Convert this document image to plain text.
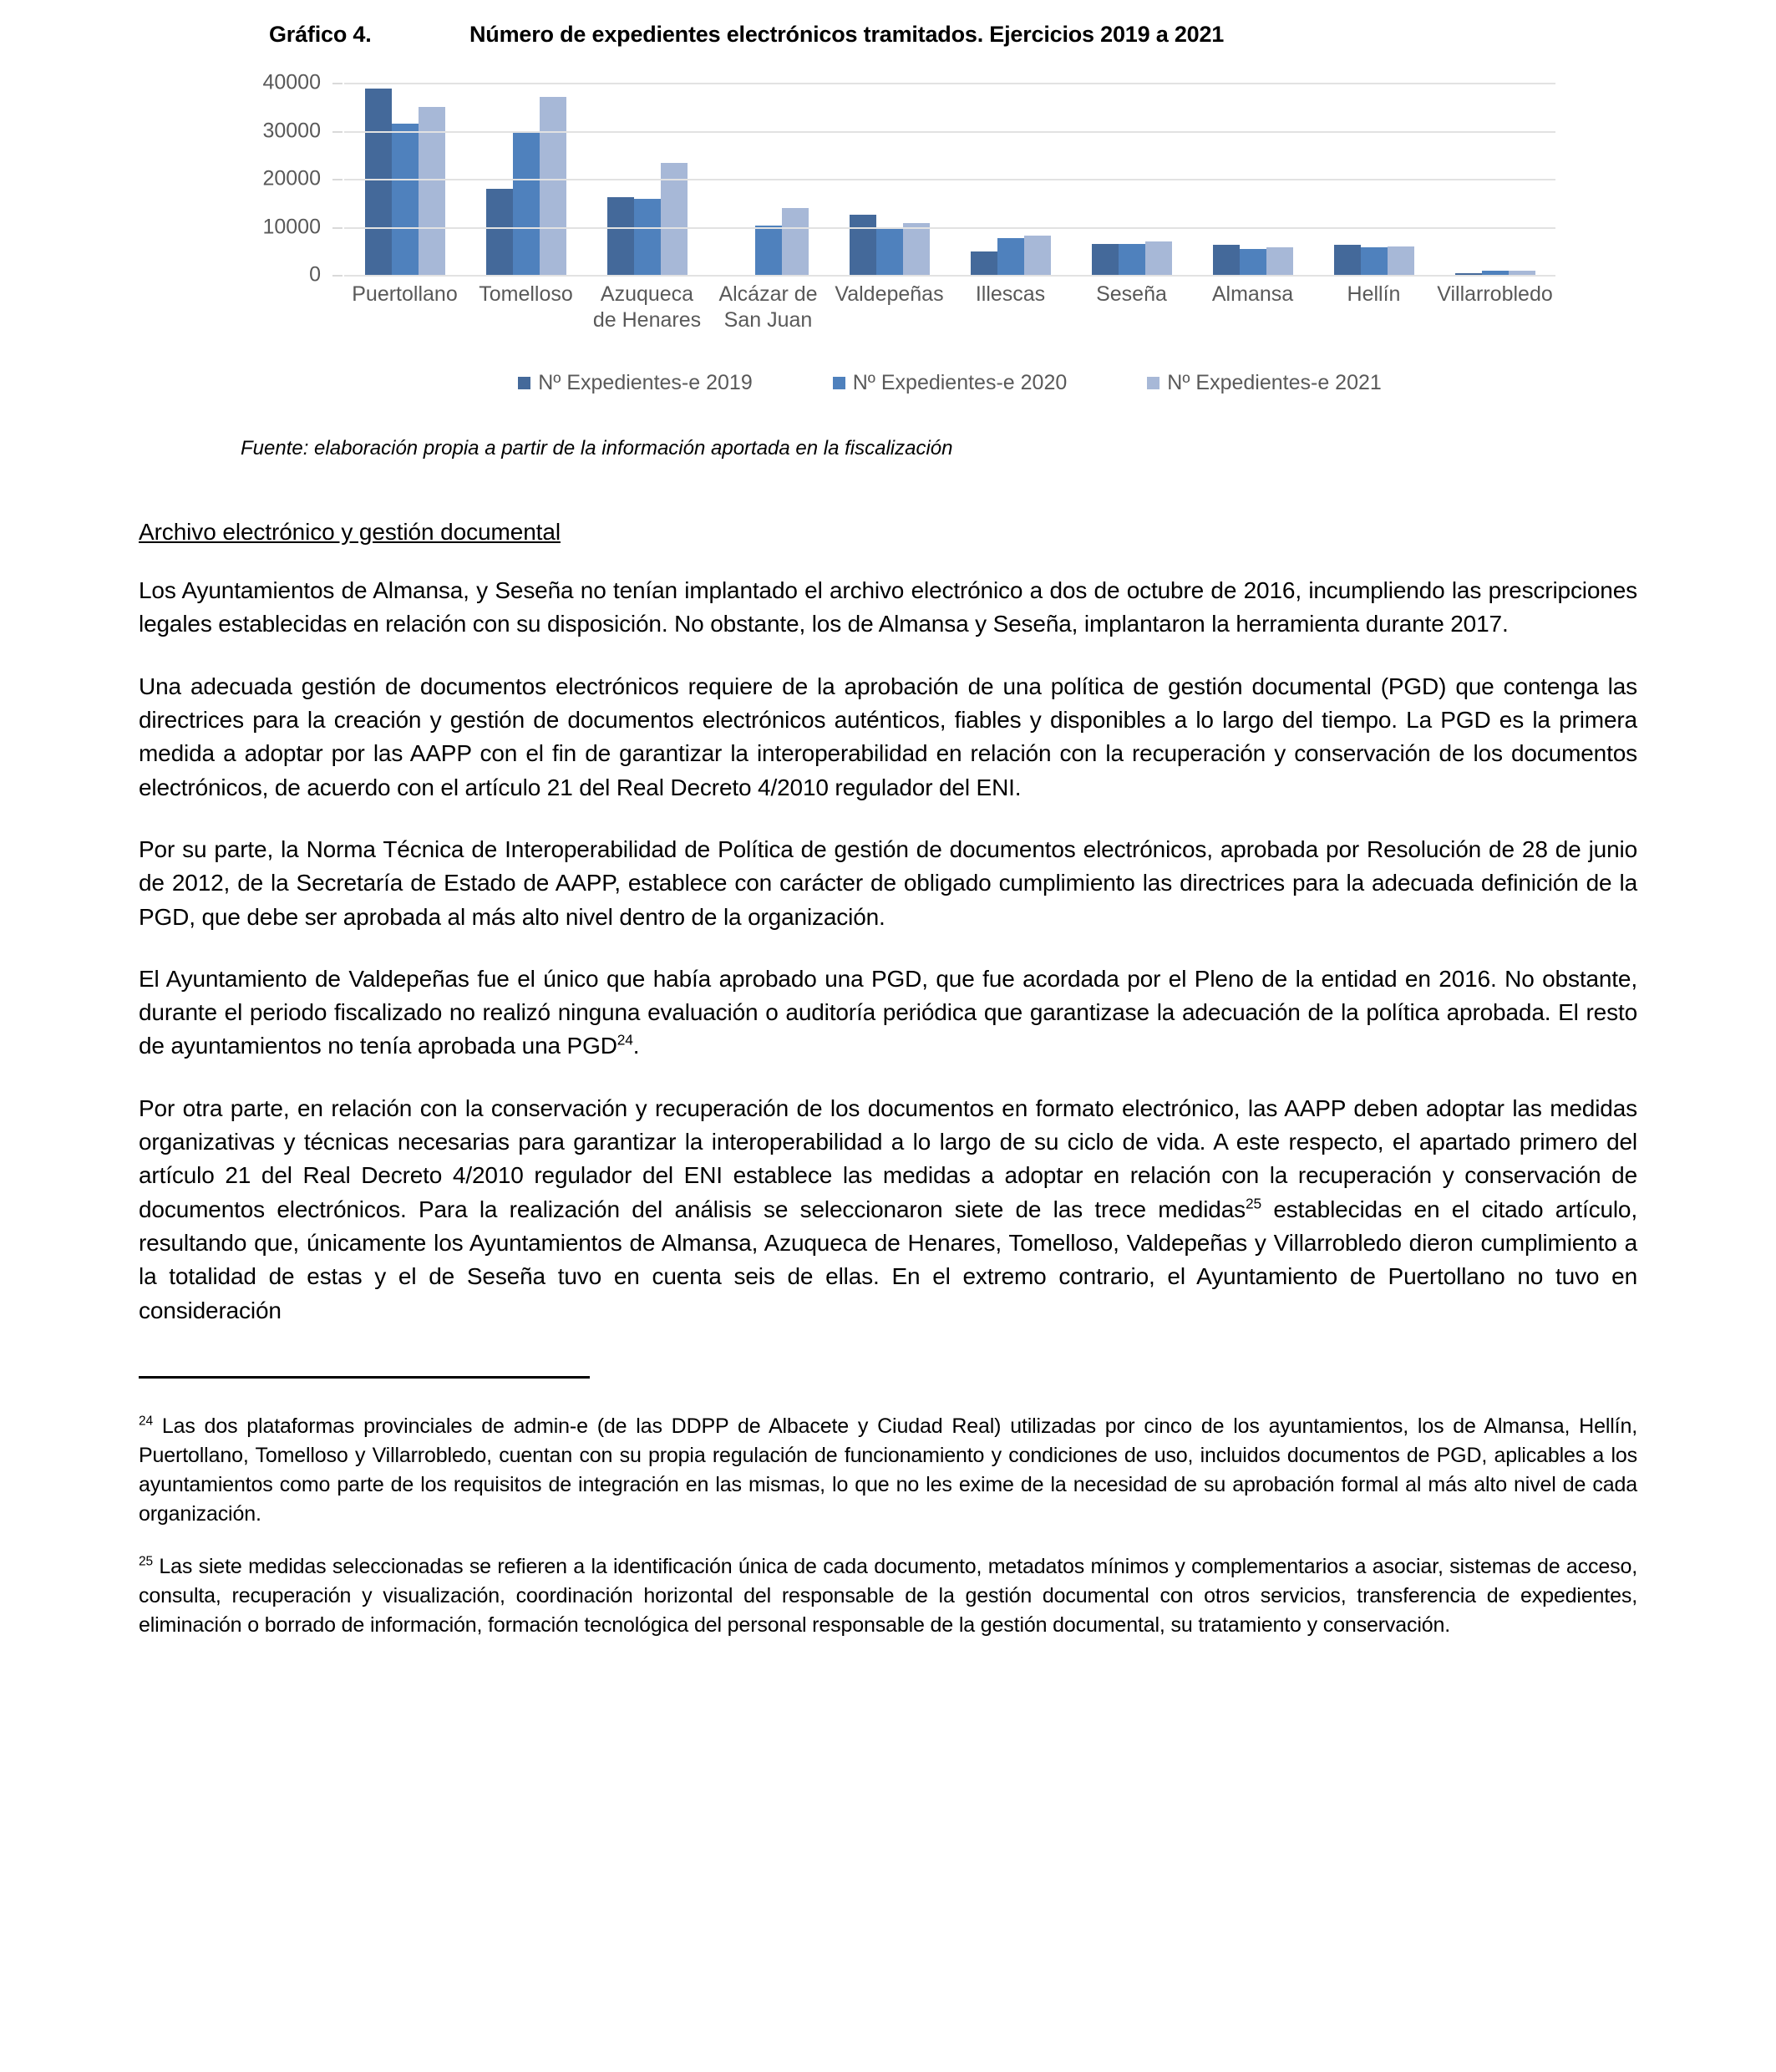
Gráfico 4.	Número de expedientes electrónicos tramitados. Ejercicios 2019 a 2021
0
10000
20000
30000
40000
Puertollano	Tomelloso	Azuqueca de Henares
Alcázar de San Juan
Valdepeñas	Illescas	Seseña	Almansa	Hellín	Villarrobledo
Nº Expedientes-e 2019	Nº Expedientes-e 2020	Nº Expedientes-e 2021
Fuente: elaboración propia a partir de la información aportada en la fiscalización
Archivo electrónico y gestión documental

Los Ayuntamientos de Almansa, y Seseña no tenían implantado el archivo electrónico a dos de octubre de 2016, incumpliendo las prescripciones legales establecidas en relación con su disposición. No obstante, los de Almansa y Seseña, implantaron la herramienta durante 2017.

Una adecuada gestión de documentos electrónicos requiere de la aprobación de una política de gestión documental (PGD) que contenga las directrices para la creación y gestión de documentos electrónicos auténticos, fiables y disponibles a lo largo del tiempo. La PGD es la primera medida a adoptar por las AAPP con el fin de garantizar la interoperabilidad en relación con la recuperación y conservación de los documentos electrónicos, de acuerdo con el artículo 21 del Real Decreto 4/2010 regulador del ENI.

Por su parte, la Norma Técnica de Interoperabilidad de Política de gestión de documentos electrónicos, aprobada por Resolución de 28 de junio de 2012, de la Secretaría de Estado de AAPP, establece con carácter de obligado cumplimiento las directrices para la adecuada definición de la PGD, que debe ser aprobada al más alto nivel dentro de la organización.

El Ayuntamiento de Valdepeñas fue el único que había aprobado una PGD, que fue acordada por el Pleno de la entidad en 2016. No obstante, durante el periodo fiscalizado no realizó ninguna evaluación o auditoría periódica que garantizase la adecuación de la política aprobada. El resto de ayuntamientos no tenía aprobada una PGD$^{24}$.

Por otra parte, en relación con la conservación y recuperación de los documentos en formato electrónico, las AAPP deben adoptar las medidas organizativas y técnicas necesarias para garantizar la interoperabilidad a lo largo de su ciclo de vida. A este respecto, el apartado primero del artículo 21 del Real Decreto 4/2010 regulador del ENI establece las medidas a adoptar en relación con la recuperación y conservación de documentos electrónicos. Para la realización del análisis se seleccionaron siete de las trece medidas$^{25}$ establecidas en el citado artículo, resultando que, únicamente los Ayuntamientos de Almansa, Azuqueca de Henares, Tomelloso, Valdepeñas y Villarrobledo dieron cumplimiento a la totalidad de estas y el de Seseña tuvo en cuenta seis de ellas. En el extremo contrario, el Ayuntamiento de Puertollano no tuvo en consideración

$^{24}$ Las dos plataformas provinciales de admin-e (de las DDPP de Albacete y Ciudad Real) utilizadas por cinco de los ayuntamientos, los de Almansa, Hellín, Puertollano, Tomelloso y Villarrobledo, cuentan con su propia regulación de funcionamiento y condiciones de uso, incluidos documentos de PGD, aplicables a los ayuntamientos como parte de los requisitos de integración en las mismas, lo que no les exime de la necesidad de su aprobación formal al más alto nivel de cada organización.

$^{25}$ Las siete medidas seleccionadas se refieren a la identificación única de cada documento, metadatos mínimos y complementarios a asociar, sistemas de acceso, consulta, recuperación y visualización, coordinación horizontal del responsable de la gestión documental con otros servicios, transferencia de expedientes, eliminación o borrado de información, formación tecnológica del personal responsable de la gestión documental, su tratamiento y conservación.
